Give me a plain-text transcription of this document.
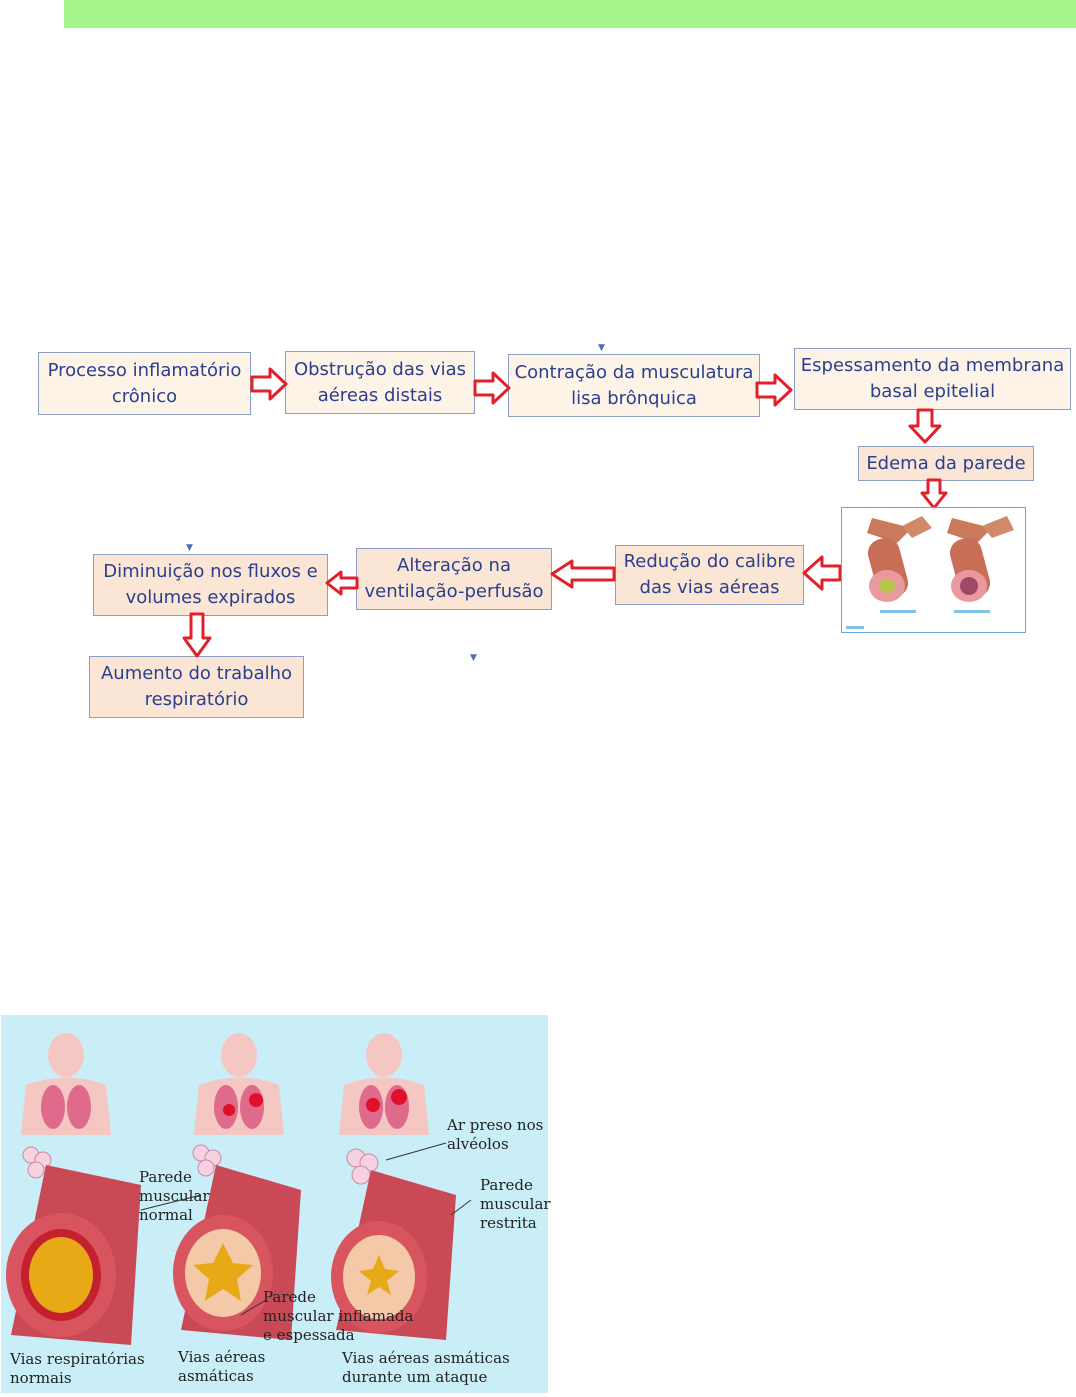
Processo inflamatório
crônico
Obstrução das vias
aéreas distais
Contração da musculatura
lisa brônquica
Espessamento da membrana
basal epitelial
Edema da parede
Redução do calibre
das vias aéreas
Alteração na
ventilação-perfusão
Diminuição nos fluxos e
volumes expirados
Aumento do trabalho
respiratório
▼
▼
▼
Parede
muscular
normal
Ar preso nos
alvéolos
Parede
muscular
restrita
Parede
muscular inflamada
e espessada
Vias respiratórias
normais
Vias aéreas
asmáticas
Vias aéreas asmáticas
durante um ataque
